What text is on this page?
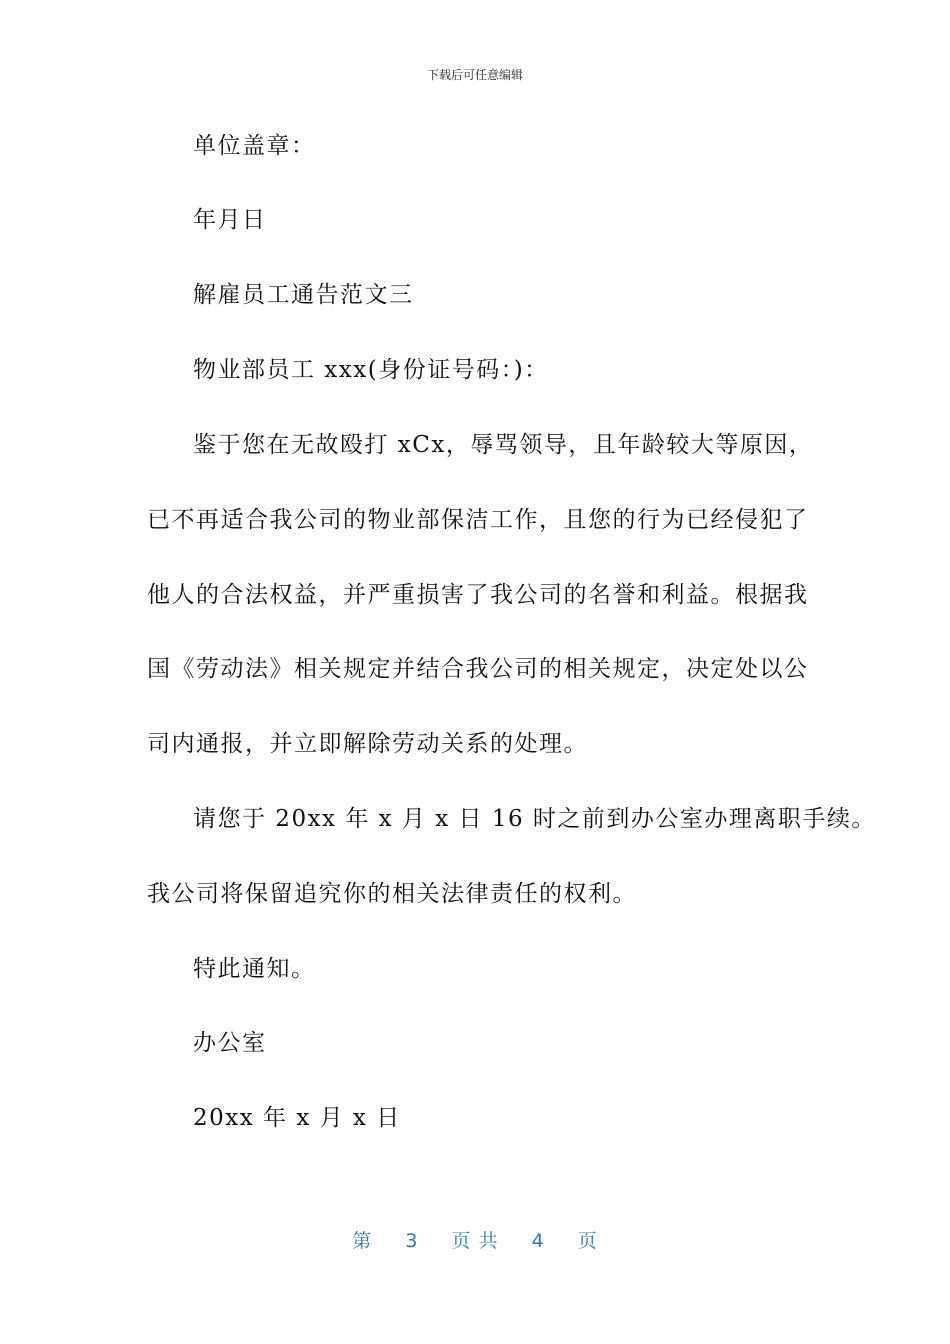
下载后可任意编辑
单位盖章：
年月日
解雇员工通告范文三
物业部员工 xxx(身份证号码：)：
鉴于您在无故殴打 xCx，辱骂领导，且年龄较大等原因，
已不再适合我公司的物业部保洁工作，且您的行为已经侵犯了
他人的合法权益，并严重损害了我公司的名誉和利益。根据我
国《劳动法》相关规定并结合我公司的相关规定，决定处以公
司内通报，并立即解除劳动关系的处理。
请您于 20xx 年 x 月 x 日 16 时之前到办公室办理离职手续。
我公司将保留追究你的相关法律责任的权利。
特此通知。
办公室
20xx 年 x 月 x 日
第 3 页 共 4 页
